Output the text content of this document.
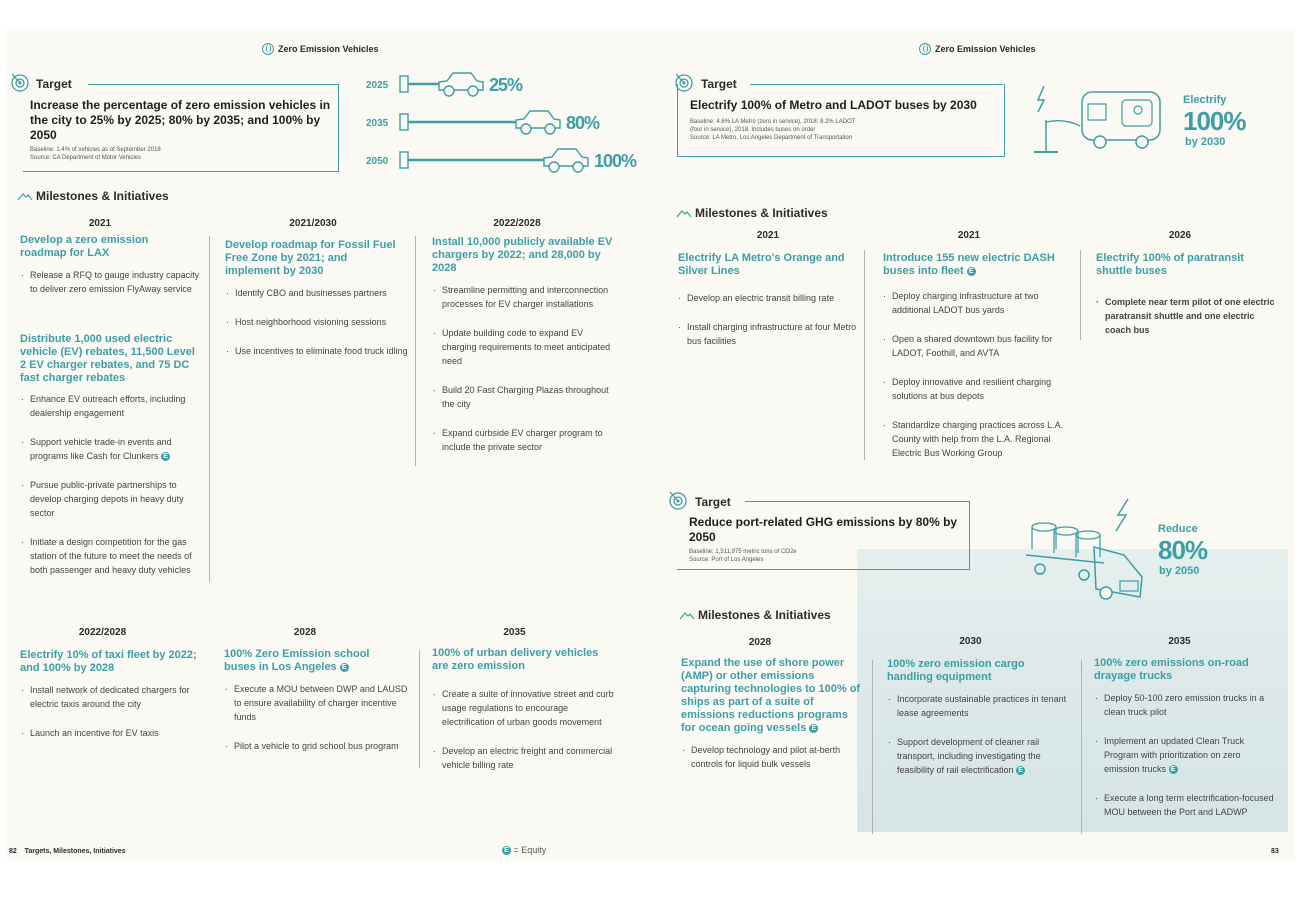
Zero Emission Vehicles
Target
Increase the percentage of zero emission vehicles in the city to 25% by 2025; 80% by 2035; and 100% by 2050
Baseline: 1.4% of vehicles as of September 2018
Source: CA Department of Motor Vehicles
2025	25%
2035	80%
2050	100%
Milestones & Initiatives
2021
Develop a zero emission roadmap for LAX
· Release a RFQ to gauge industry capacity to deliver zero emission FlyAway service
Distribute 1,000 used electric vehicle (EV) rebates, 11,500 Level 2 EV charger rebates, and 75 DC fast charger rebates
· Enhance EV outreach efforts, including dealership engagement
· Support vehicle trade-in events and programs like Cash for Clunkers E
· Pursue public-private partnerships to develop charging depots in heavy duty sector
· Initiate a design competition for the gas station of the future to meet the needs of both passenger and heavy duty vehicles
2021/2030
Develop roadmap for Fossil Fuel Free Zone by 2021; and implement by 2030
· Identify CBO and businesses partners
· Host neighborhood visioning sessions
· Use incentives to eliminate food truck idling
2022/2028
Install 10,000 publicly available EV chargers by 2022; and 28,000 by 2028
· Streamline permitting and interconnection processes for EV charger installations
· Update building code to expand EV charging requirements to meet anticipated need
· Build 20 Fast Charging Plazas throughout the city
· Expand curbside EV charger program to include the private sector
2022/2028
Electrify 10% of taxi fleet by 2022; and 100% by 2028
· Install network of dedicated chargers for electric taxis around the city
· Launch an incentive for EV taxis
2028
100% Zero Emission school buses in Los Angeles E
· Execute a MOU between DWP and LAUSD to ensure availability of charger incentive funds
· Pilot a vehicle to grid school bus program
2035
100% of urban delivery vehicles are zero emission
· Create a suite of innovative street and curb usage regulations to encourage electrification of urban goods movement
· Develop an electric freight and commercial vehicle billing rate
82 Targets, Milestones, Initiatives	E = Equity
Zero Emission Vehicles
Target
Electrify 100% of Metro and LADOT buses by 2030
Baseline: 4.6% LA Metro (zero in service), 2018; 8.2% LADOT
(four in service), 2018. Includes buses on order
Source: LA Metro, Los Angeles Department of Transportation
Electrify
100%
by 2030
Milestones & Initiatives
2021
Electrify LA Metro's Orange and Silver Lines
· Develop an electric transit billing rate
· Install charging infrastructure at four Metro bus facilities
2021
Introduce 155 new electric DASH buses into fleet E
· Deploy charging infrastructure at two additional LADOT bus yards
· Open a shared downtown bus facility for LADOT, Foothill, and AVTA
· Deploy innovative and resilient charging solutions at bus depots
· Standardize charging practices across L.A. County with help from the L.A. Regional Electric Bus Working Group
2026
Electrify 100% of paratransit shuttle buses
· Complete near term pilot of one electric paratransit shuttle and one electric coach bus
Target
Reduce port-related GHG emissions by 80% by 2050
Baseline: 1,511,975 metric tons of CO2e
Source: Port of Los Angeles
Reduce
80%
by 2050
Milestones & Initiatives
2028
Expand the use of shore power (AMP) or other emissions capturing technologies to 100% of ships as part of a suite of emissions reductions programs for ocean going vessels E
· Develop technology and pilot at-berth controls for liquid bulk vessels
2030
100% zero emission cargo handling equipment
· Incorporate sustainable practices in tenant lease agreements
· Support development of cleaner rail transport, including investigating the feasibility of rail electrification E
2035
100% zero emissions on-road drayage trucks
· Deploy 50-100 zero emission trucks in a clean truck pilot
· Implement an updated Clean Truck Program with prioritization on zero emission trucks E
· Execute a long term electrification-focused MOU between the Port and LADWP
83
